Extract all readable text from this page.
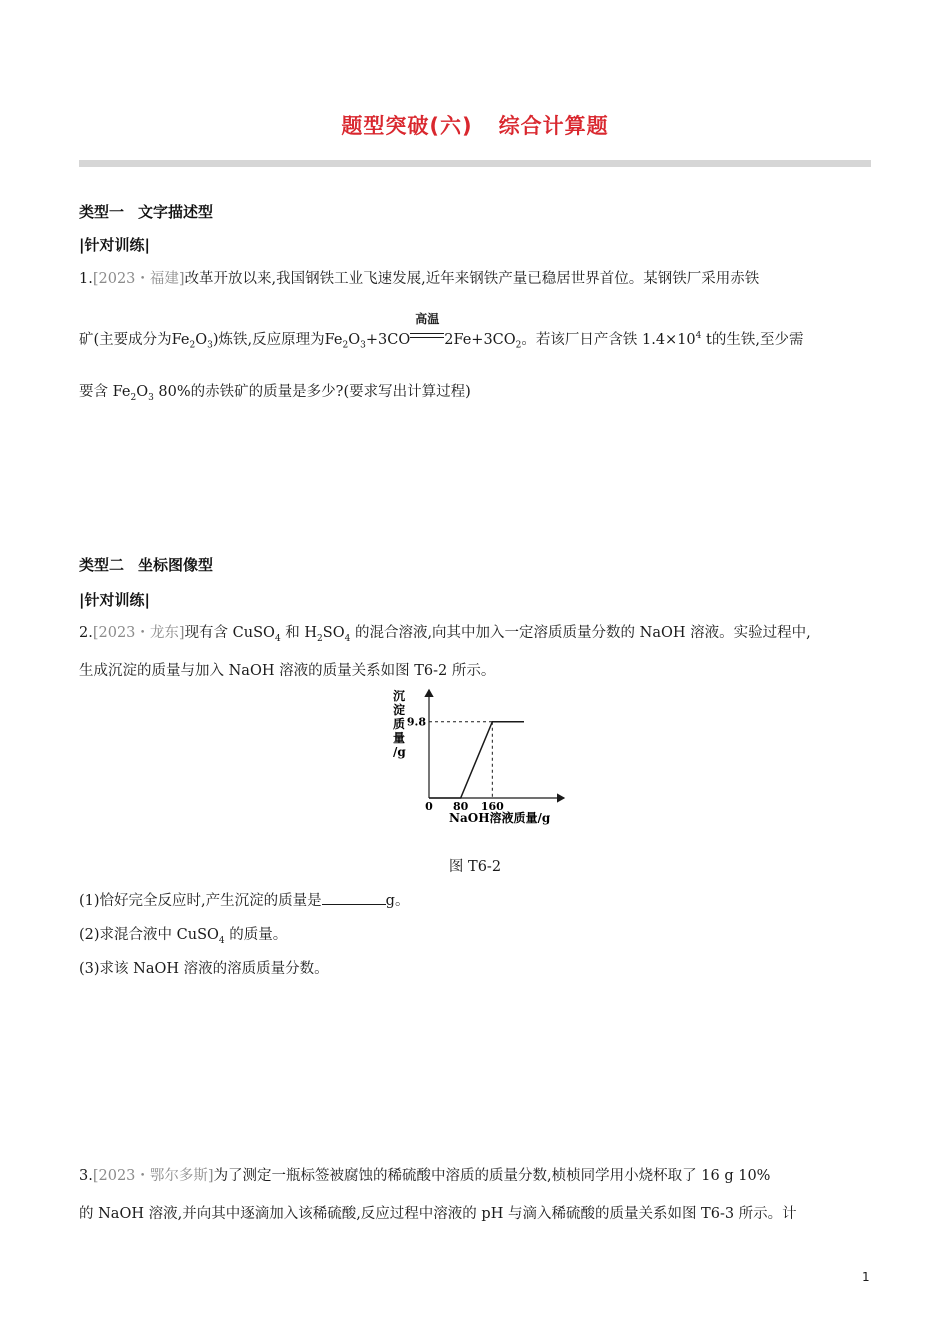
题型突破(六) 综合计算题
类型一 文字描述型
|针对训练|
1.[2023・福建]改革开放以来,我国钢铁工业飞速发展,近年来钢铁产量已稳居世界首位。某钢铁厂采用赤铁
矿(主要成分为$Fe_2O_3$)炼铁,反应原理为$Fe_2O_3+3CO$
高温
$2Fe+3CO_2$。若该厂日产含铁 $1.4\times 10^4$ t的生铁,至少需
要含 $Fe_2O_3$ 80%的赤铁矿的质量是多少?(要求写出计算过程)
类型二 坐标图像型
|针对训练|
2.[2023・龙东]现有含 CuSO$_4$ 和 $H_2SO_4$ 的混合溶液,向其中加入一定溶质质量分数的 NaOH 溶液。实验过程中,
生成沉淀的质量与加入 NaOH 溶液的质量关系如图 T6-2 所示。
沉
淀
质
量
/g
9.8
0 80 160
NaOH溶液质量/g
图 T6-2
(1)恰好完全反应时,产生沉淀的质量是	g。
(2)求混合液中 CuSO$_4$ 的质量。
(3)求该 NaOH 溶液的溶质质量分数。
3.[2023・鄂尔多斯]为了测定一瓶标签被腐蚀的稀硫酸中溶质的质量分数,桢桢同学用小烧杯取了 16 g 10%
的 NaOH 溶液,并向其中逐滴加入该稀硫酸,反应过程中溶液的 pH 与滴入稀硫酸的质量关系如图 T6-3 所示。计
1
